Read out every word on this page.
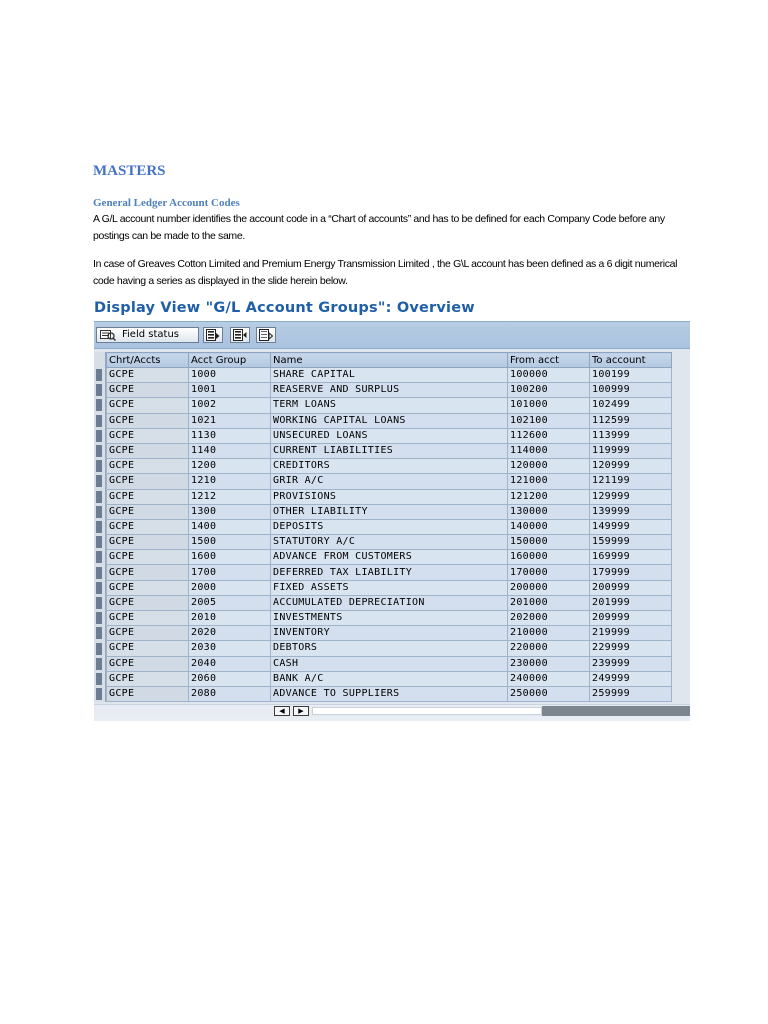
MASTERS
General Ledger Account Codes

A G/L account number identifies the account code in a “Chart of accounts” and has to be defined for each Company Code before any postings can be made to the same.

In case of Greaves Cotton Limited and Premium Energy Transmission Limited , the G\L account has been defined as a 6 digit numerical code having a series as displayed in the slide herein below.

Display View "G/L Account Groups": Overview
Field status
Chrt/Accts	Acct Group	Name	From acct	To account
GCPE	1000	SHARE CAPITAL	100000	100199
GCPE	1001	REASERVE AND SURPLUS	100200	100999
GCPE	1002	TERM LOANS	101000	102499
GCPE	1021	WORKING CAPITAL LOANS	102100	112599
GCPE	1130	UNSECURED LOANS	112600	113999
GCPE	1140	CURRENT LIABILITIES	114000	119999
GCPE	1200	CREDITORS	120000	120999
GCPE	1210	GRIR A/C	121000	121199
GCPE	1212	PROVISIONS	121200	129999
GCPE	1300	OTHER LIABILITY	130000	139999
GCPE	1400	DEPOSITS	140000	149999
GCPE	1500	STATUTORY A/C	150000	159999
GCPE	1600	ADVANCE FROM CUSTOMERS	160000	169999
GCPE	1700	DEFERRED TAX LIABILITY	170000	179999
GCPE	2000	FIXED ASSETS	200000	200999
GCPE	2005	ACCUMULATED DEPRECIATION	201000	201999
GCPE	2010	INVESTMENTS	202000	209999
GCPE	2020	INVENTORY	210000	219999
GCPE	2030	DEBTORS	220000	229999
GCPE	2040	CASH	230000	239999
GCPE	2060	BANK A/C	240000	249999
GCPE	2080	ADVANCE TO SUPPLIERS	250000	259999
◀	▶
